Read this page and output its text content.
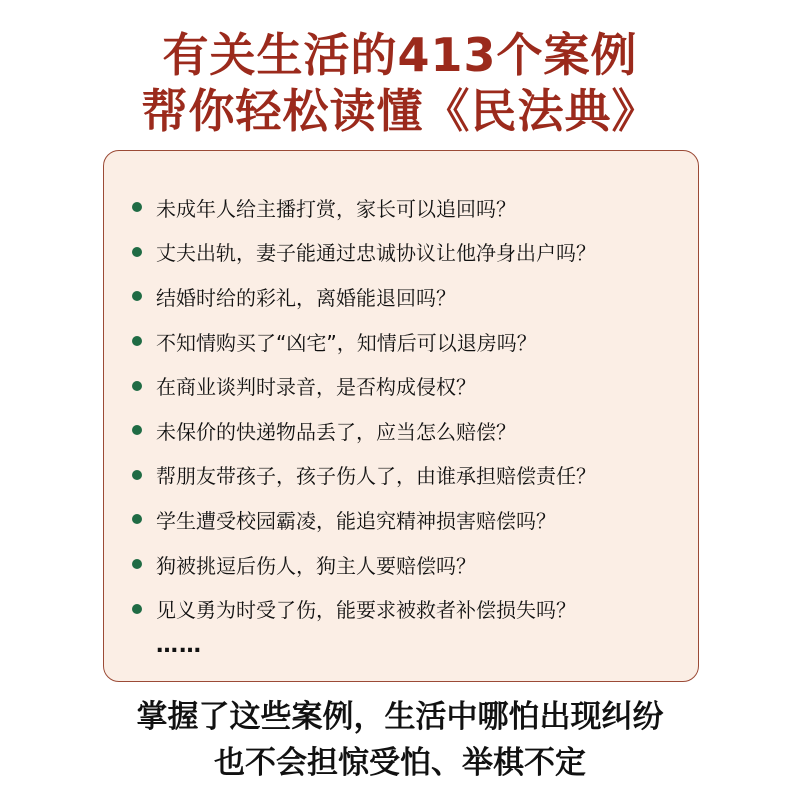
有关生活的413个案例
帮你轻松读懂《民法典》
未成年人给主播打赏，家长可以追回吗？
丈夫出轨，妻子能通过忠诚协议让他净身出户吗？
结婚时给的彩礼，离婚能退回吗？
不知情购买了“凶宅”，知情后可以退房吗？
在商业谈判时录音，是否构成侵权？
未保价的快递物品丢了，应当怎么赔偿？
帮朋友带孩子，孩子伤人了，由谁承担赔偿责任？
学生遭受校园霸凌，能追究精神损害赔偿吗？
狗被挑逗后伤人，狗主人要赔偿吗？
见义勇为时受了伤，能要求被救者补偿损失吗？
……
掌握了这些案例，生活中哪怕出现纠纷
也不会担惊受怕、举棋不定
